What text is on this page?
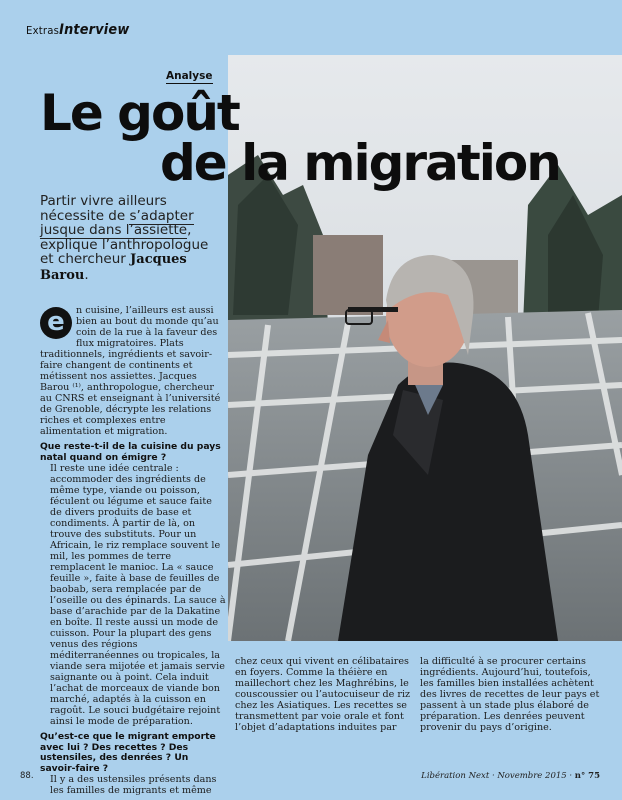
ExtrasInterview
Analyse
Le goût
de la migration
Partir vivre ailleurs nécessite de s’adapter jusque dans l’assiette, explique l’anthropologue et chercheur Jacques Barou.
e	n cuisine, l’ailleurs est aussi bien au bout du monde qu’au coin de la rue à la faveur des flux migratoires. Plats traditionnels, ingrédients et savoir-faire changent de continents et métissent nos assiettes. Jacques Barou ⁽¹⁾, anthropologue, chercheur au CNRS et enseignant à l’université de Grenoble, décrypte les relations riches et complexes entre alimentation et migration.
Que reste-t-il de la cuisine du pays natal quand on émigre ?
Il reste une idée centrale : accommoder des ingrédients de même type, viande ou poisson, féculent ou légume et sauce faite de divers produits de base et condiments. À partir de là, on trouve des substituts. Pour un Africain, le riz remplace souvent le mil, les pommes de terre remplacent le manioc. La « sauce feuille », faite à base de feuilles de baobab, sera remplacée par de l’oseille ou des épinards. La sauce à base d’arachide par de la Dakatine en boîte. Il reste aussi un mode de cuisson. Pour la plupart des gens venus des régions méditerranéennes ou tropicales, la viande sera mijotée et jamais servie saignante ou à point. Cela induit l’achat de morceaux de viande bon marché, adaptés à la cuisson en ragoût. Le souci budgétaire rejoint ainsi le mode de préparation.
Qu’est-ce que le migrant emporte avec lui ? Des recettes ? Des ustensiles, des denrées ? Un savoir-faire ?
Il y a des ustensiles présents dans les familles de migrants et même
chez ceux qui vivent en célibataires en foyers. Comme la théière en maillechort chez les Maghrébins, le couscoussier ou l’autocuiseur de riz chez les Asiatiques. Les recettes se transmettent par voie orale et font l’objet d’adaptations induites par
la difficulté à se procurer certains ingrédients. Aujourd’hui, toutefois, les familles bien installées achètent des livres de recettes de leur pays et passent à un stade plus élaboré de préparation. Les denrées peuvent provenir du pays d’origine.
88.	Libération Next · Novembre 2015 · n° 75
